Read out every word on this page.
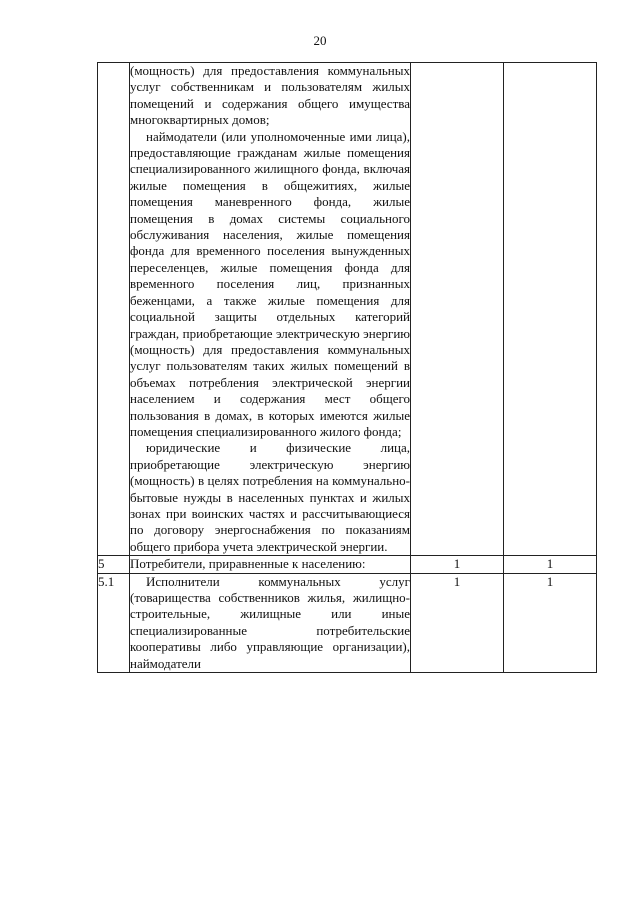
20

	(мощность) для предоставления коммунальных услуг собственникам и пользователям жилых помещений и содержания общего имущества многоквартирных домов;

наймодатели (или уполномоченные ими лица), предоставляющие гражданам жилые помещения специализированного жилищного фонда, включая жилые помещения в общежитиях, жилые помещения маневренного фонда, жилые помещения в домах системы социального обслуживания населения, жилые помещения фонда для временного поселения вынужденных переселенцев, жилые помещения фонда для временного поселения лиц, признанных беженцами, а также жилые помещения для социальной защиты отдельных категорий граждан, приобретающие электрическую энергию (мощность) для предоставления коммунальных услуг пользователям таких жилых помещений в объемах потребления электрической энергии населением и содержания мест общего пользования в домах, в которых имеются жилые помещения специализированного жилого фонда;

юридические и физические лица, приобретающие электрическую энергию (мощность) в целях потребления на коммунально-бытовые нужды в населенных пунктах и жилых зонах при воинских частях и рассчитывающиеся по договору энергоснабжения по показаниям общего прибора учета электрической энергии.		

5	Потребители, приравненные к населению:	1	1
5.1	Исполнители коммунальных услуг (товарищества собственников жилья, жилищно-строительные, жилищные или иные специализированные потребительские кооперативы либо управляющие организации), наймодатели	1	1
